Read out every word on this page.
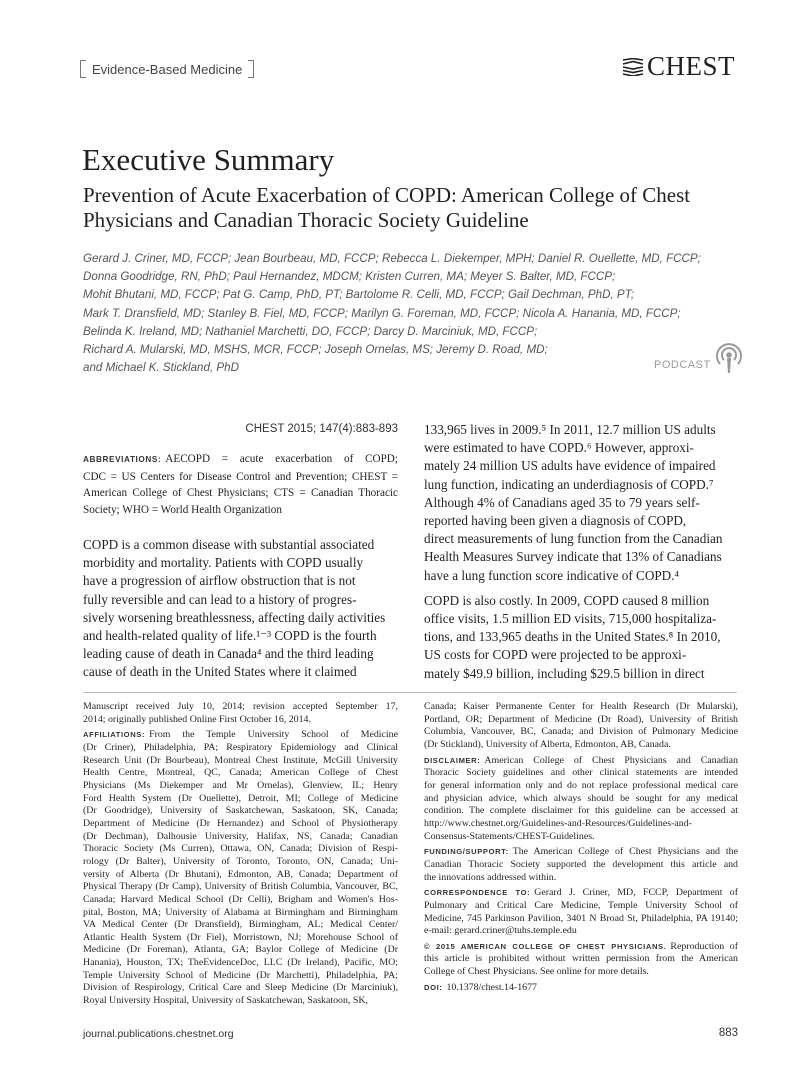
Evidence-Based Medicine	CHEST
Executive Summary
Prevention of Acute Exacerbation of COPD: American College of Chest
Physicians and Canadian Thoracic Society Guideline
Gerard J. Criner, MD, FCCP; Jean Bourbeau, MD, FCCP; Rebecca L. Diekemper, MPH; Daniel R. Ouellette, MD, FCCP;
Donna Goodridge, RN, PhD; Paul Hernandez, MDCM; Kristen Curren, MA; Meyer S. Balter, MD, FCCP;
Mohit Bhutani, MD, FCCP; Pat G. Camp, PhD, PT; Bartolome R. Celli, MD, FCCP; Gail Dechman, PhD, PT;
Mark T. Dransfield, MD; Stanley B. Fiel, MD, FCCP; Marilyn G. Foreman, MD, FCCP; Nicola A. Hanania, MD, FCCP;
Belinda K. Ireland, MD; Nathaniel Marchetti, DO, FCCP; Darcy D. Marciniuk, MD, FCCP;
Richard A. Mularski, MD, MSHS, MCR, FCCP; Joseph Ornelas, MS; Jeremy D. Road, MD;
and Michael K. Stickland, PhD	PODCAST
CHEST 2015; 147(4):883-893
ABBREVIATIONS: AECOPD = acute exacerbation of COPD;
CDC = US Centers for Disease Control and Prevention; CHEST =
American College of Chest Physicians; CTS = Canadian Thoracic
Society; WHO = World Health Organization
COPD is a common disease with substantial associated
morbidity and mortality. Patients with COPD usually
have a progression of airflow obstruction that is not
fully reversible and can lead to a history of progres-
sively worsening breathlessness, affecting daily activities
and health-related quality of life.¹⁻³ COPD is the fourth
leading cause of death in Canada⁴ and the third leading
cause of death in the United States where it claimed
133,965 lives in 2009.⁵ In 2011, 12.7 million US adults
were estimated to have COPD.⁶ However, approxi-
mately 24 million US adults have evidence of impaired
lung function, indicating an underdiagnosis of COPD.⁷
Although 4% of Canadians aged 35 to 79 years self-
reported having been given a diagnosis of COPD,
direct measurements of lung function from the Canadian
Health Measures Survey indicate that 13% of Canadians
have a lung function score indicative of COPD.⁴
COPD is also costly. In 2009, COPD caused 8 million
office visits, 1.5 million ED visits, 715,000 hospitaliza-
tions, and 133,965 deaths in the United States.⁸ In 2010,
US costs for COPD were projected to be approxi-
mately $49.9 billion, including $29.5 billion in direct
Manuscript received July 10, 2014; revision accepted September 17,
2014; originally published Online First October 16, 2014.
AFFILIATIONS: From the Temple University School of Medicine
(Dr Criner), Philadelphia, PA; Respiratory Epidemiology and Clinical
Research Unit (Dr Bourbeau), Montreal Chest Institute, McGill University
Health Centre, Montreal, QC, Canada; American College of Chest
Physicians (Ms Diekemper and Mr Ornelas), Glenview, IL; Henry
Ford Health System (Dr Ouellette), Detroit, MI; College of Medicine
(Dr Goodridge), University of Saskatchewan, Saskatoon, SK, Canada;
Department of Medicine (Dr Hernandez) and School of Physiotherapy
(Dr Dechman), Dalhousie University, Halifax, NS, Canada; Canadian
Thoracic Society (Ms Curren), Ottawa, ON, Canada; Division of Respi-
rology (Dr Balter), University of Toronto, Toronto, ON, Canada; Uni-
versity of Alberta (Dr Bhutani), Edmonton, AB, Canada; Department of
Physical Therapy (Dr Camp), University of British Columbia, Vancouver, BC,
Canada; Harvard Medical School (Dr Celli), Brigham and Women's Hos-
pital, Boston, MA; University of Alabama at Birmingham and Birmingham
VA Medical Center (Dr Dransfield), Birmingham, AL; Medical Center/
Atlantic Health System (Dr Fiel), Morristown, NJ; Morehouse School of
Medicine (Dr Foreman), Atlanta, GA; Baylor College of Medicine (Dr
Hanania), Houston, TX; TheEvidenceDoc, LLC (Dr Ireland), Pacific, MO;
Temple University School of Medicine (Dr Marchetti), Philadelphia, PA;
Division of Respirology, Critical Care and Sleep Medicine (Dr Marciniuk),
Royal University Hospital, University of Saskatchewan, Saskatoon, SK,
Canada; Kaiser Permanente Center for Health Research (Dr Mularski),
Portland, OR; Department of Medicine (Dr Road), University of British
Columbia, Vancouver, BC, Canada; and Division of Pulmonary Medicine
(Dr Stickland), University of Alberta, Edmonton, AB, Canada.
DISCLAIMER: American College of Chest Physicians and Canadian
Thoracic Society guidelines and other clinical statements are intended
for general information only and do not replace professional medical care
and physician advice, which always should be sought for any medical
condition. The complete disclaimer for this guideline can be accessed at
http://www.chestnet.org/Guidelines-and-Resources/Guidelines-and-
Consensus-Statements/CHEST-Guidelines.
FUNDING/SUPPORT: The American College of Chest Physicians and the
Canadian Thoracic Society supported the development this article and
the innovations addressed within.
CORRESPONDENCE TO: Gerard J. Criner, MD, FCCP, Department of
Pulmonary and Critical Care Medicine, Temple University School of
Medicine, 745 Parkinson Pavilion, 3401 N Broad St, Philadelphia, PA 19140;
e-mail: gerard.criner@tuhs.temple.edu
© 2015 AMERICAN COLLEGE OF CHEST PHYSICIANS. Reproduction of
this article is prohibited without written permission from the American
College of Chest Physicians. See online for more details.
DOI: 10.1378/chest.14-1677
journal.publications.chestnet.org	883
